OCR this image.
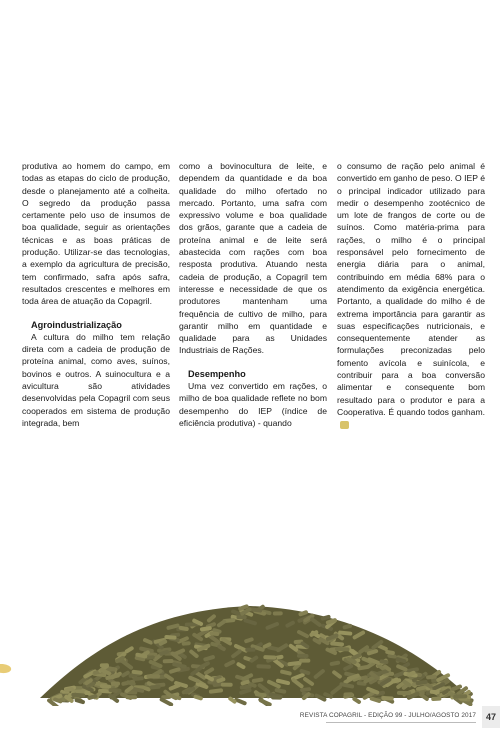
produtiva ao homem do campo, em todas as etapas do ciclo de produção, desde o planejamento até a colheita. O segredo da produção passa certamente pelo uso de insumos de boa qualidade, seguir as orientações técnicas e as boas práticas de produção. Utilizar-se das tecnologias, a exemplo da agricultura de precisão, tem confirmado, safra após safra, resultados crescentes e melhores em toda área de atuação da Copagril.

Agroindustrialização

A cultura do milho tem relação direta com a cadeia de produção de proteína animal, como aves, suínos, bovinos e outros. A suinocultura e a avicultura são atividades desenvolvidas pela Copagril com seus cooperados em sistema de produção integrada, bem

como a bovinocultura de leite, e dependem da quantidade e da boa qualidade do milho ofertado no mercado. Portanto, uma safra com expressivo volume e boa qualidade dos grãos, garante que a cadeia de proteína animal e de leite será abastecida com rações com boa resposta produtiva. Atuando nesta cadeia de produção, a Copagril tem interesse e necessidade de que os produtores mantenham uma frequência de cultivo de milho, para garantir milho em quantidade e qualidade para as Unidades Industriais de Rações.

Desempenho

Uma vez convertido em rações, o milho de boa qualidade reflete no bom desempenho do IEP (índice de eficiência produtiva) - quando

o consumo de ração pelo animal é convertido em ganho de peso. O IEP é o principal indicador utilizado para medir o desempenho zootécnico de um lote de frangos de corte ou de suínos. Como matéria-prima para rações, o milho é o principal responsável pelo fornecimento de energia diária para o animal, contribuindo em média 68% para o atendimento da exigência energética. Portanto, a qualidade do milho é de extrema importância para garantir as suas especificações nutricionais, e consequentemente atender as formulações preconizadas pelo fomento avícola e suinícola, e contribuir para a boa conversão alimentar e consequente bom resultado para o produtor e para a Cooperativa. É quando todos ganham.

REVISTA COPAGRIL - EDIÇÃO 99 - JULHO/AGOSTO 2017	47
